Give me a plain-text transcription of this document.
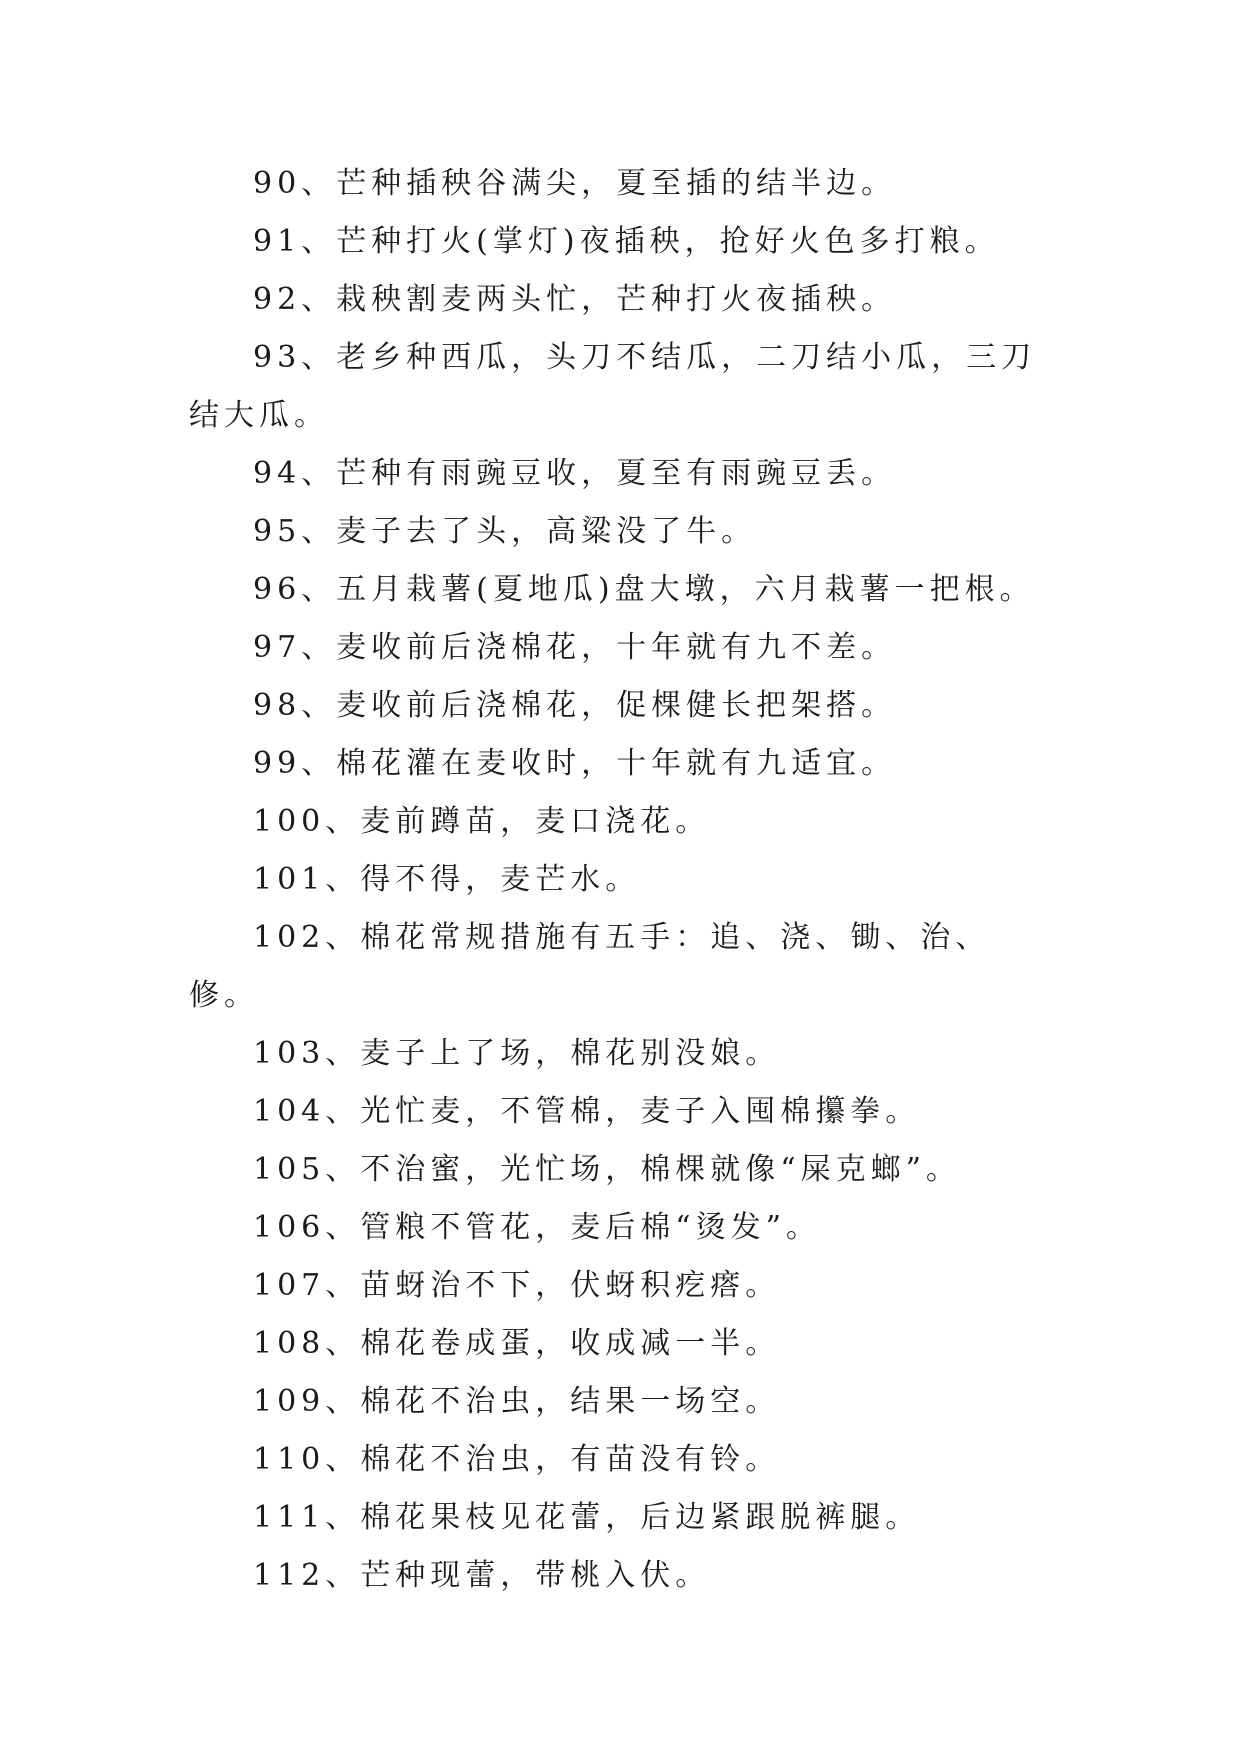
90、芒种插秧谷满尖，夏至插的结半边。

91、芒种打火(掌灯)夜插秧，抢好火色多打粮。

92、栽秧割麦两头忙，芒种打火夜插秧。

93、老乡种西瓜，头刀不结瓜，二刀结小瓜，三刀结大瓜。

94、芒种有雨豌豆收，夏至有雨豌豆丢。

95、麦子去了头，高粱没了牛。

96、五月栽薯(夏地瓜)盘大墩，六月栽薯一把根。

97、麦收前后浇棉花，十年就有九不差。

98、麦收前后浇棉花，促棵健长把架搭。

99、棉花灌在麦收时，十年就有九适宜。

100、麦前蹲苗，麦口浇花。

101、得不得，麦芒水。

102、棉花常规措施有五手：追、浇、锄、治、修。

103、麦子上了场，棉花别没娘。

104、光忙麦，不管棉，麦子入囤棉攥拳。

105、不治蜜，光忙场，棉棵就像“屎克螂”。

106、管粮不管花，麦后棉“烫发”。

107、苗蚜治不下，伏蚜积疙瘩。

108、棉花卷成蛋，收成减一半。

109、棉花不治虫，结果一场空。

110、棉花不治虫，有苗没有铃。

111、棉花果枝见花蕾，后边紧跟脱裤腿。

112、芒种现蕾，带桃入伏。
